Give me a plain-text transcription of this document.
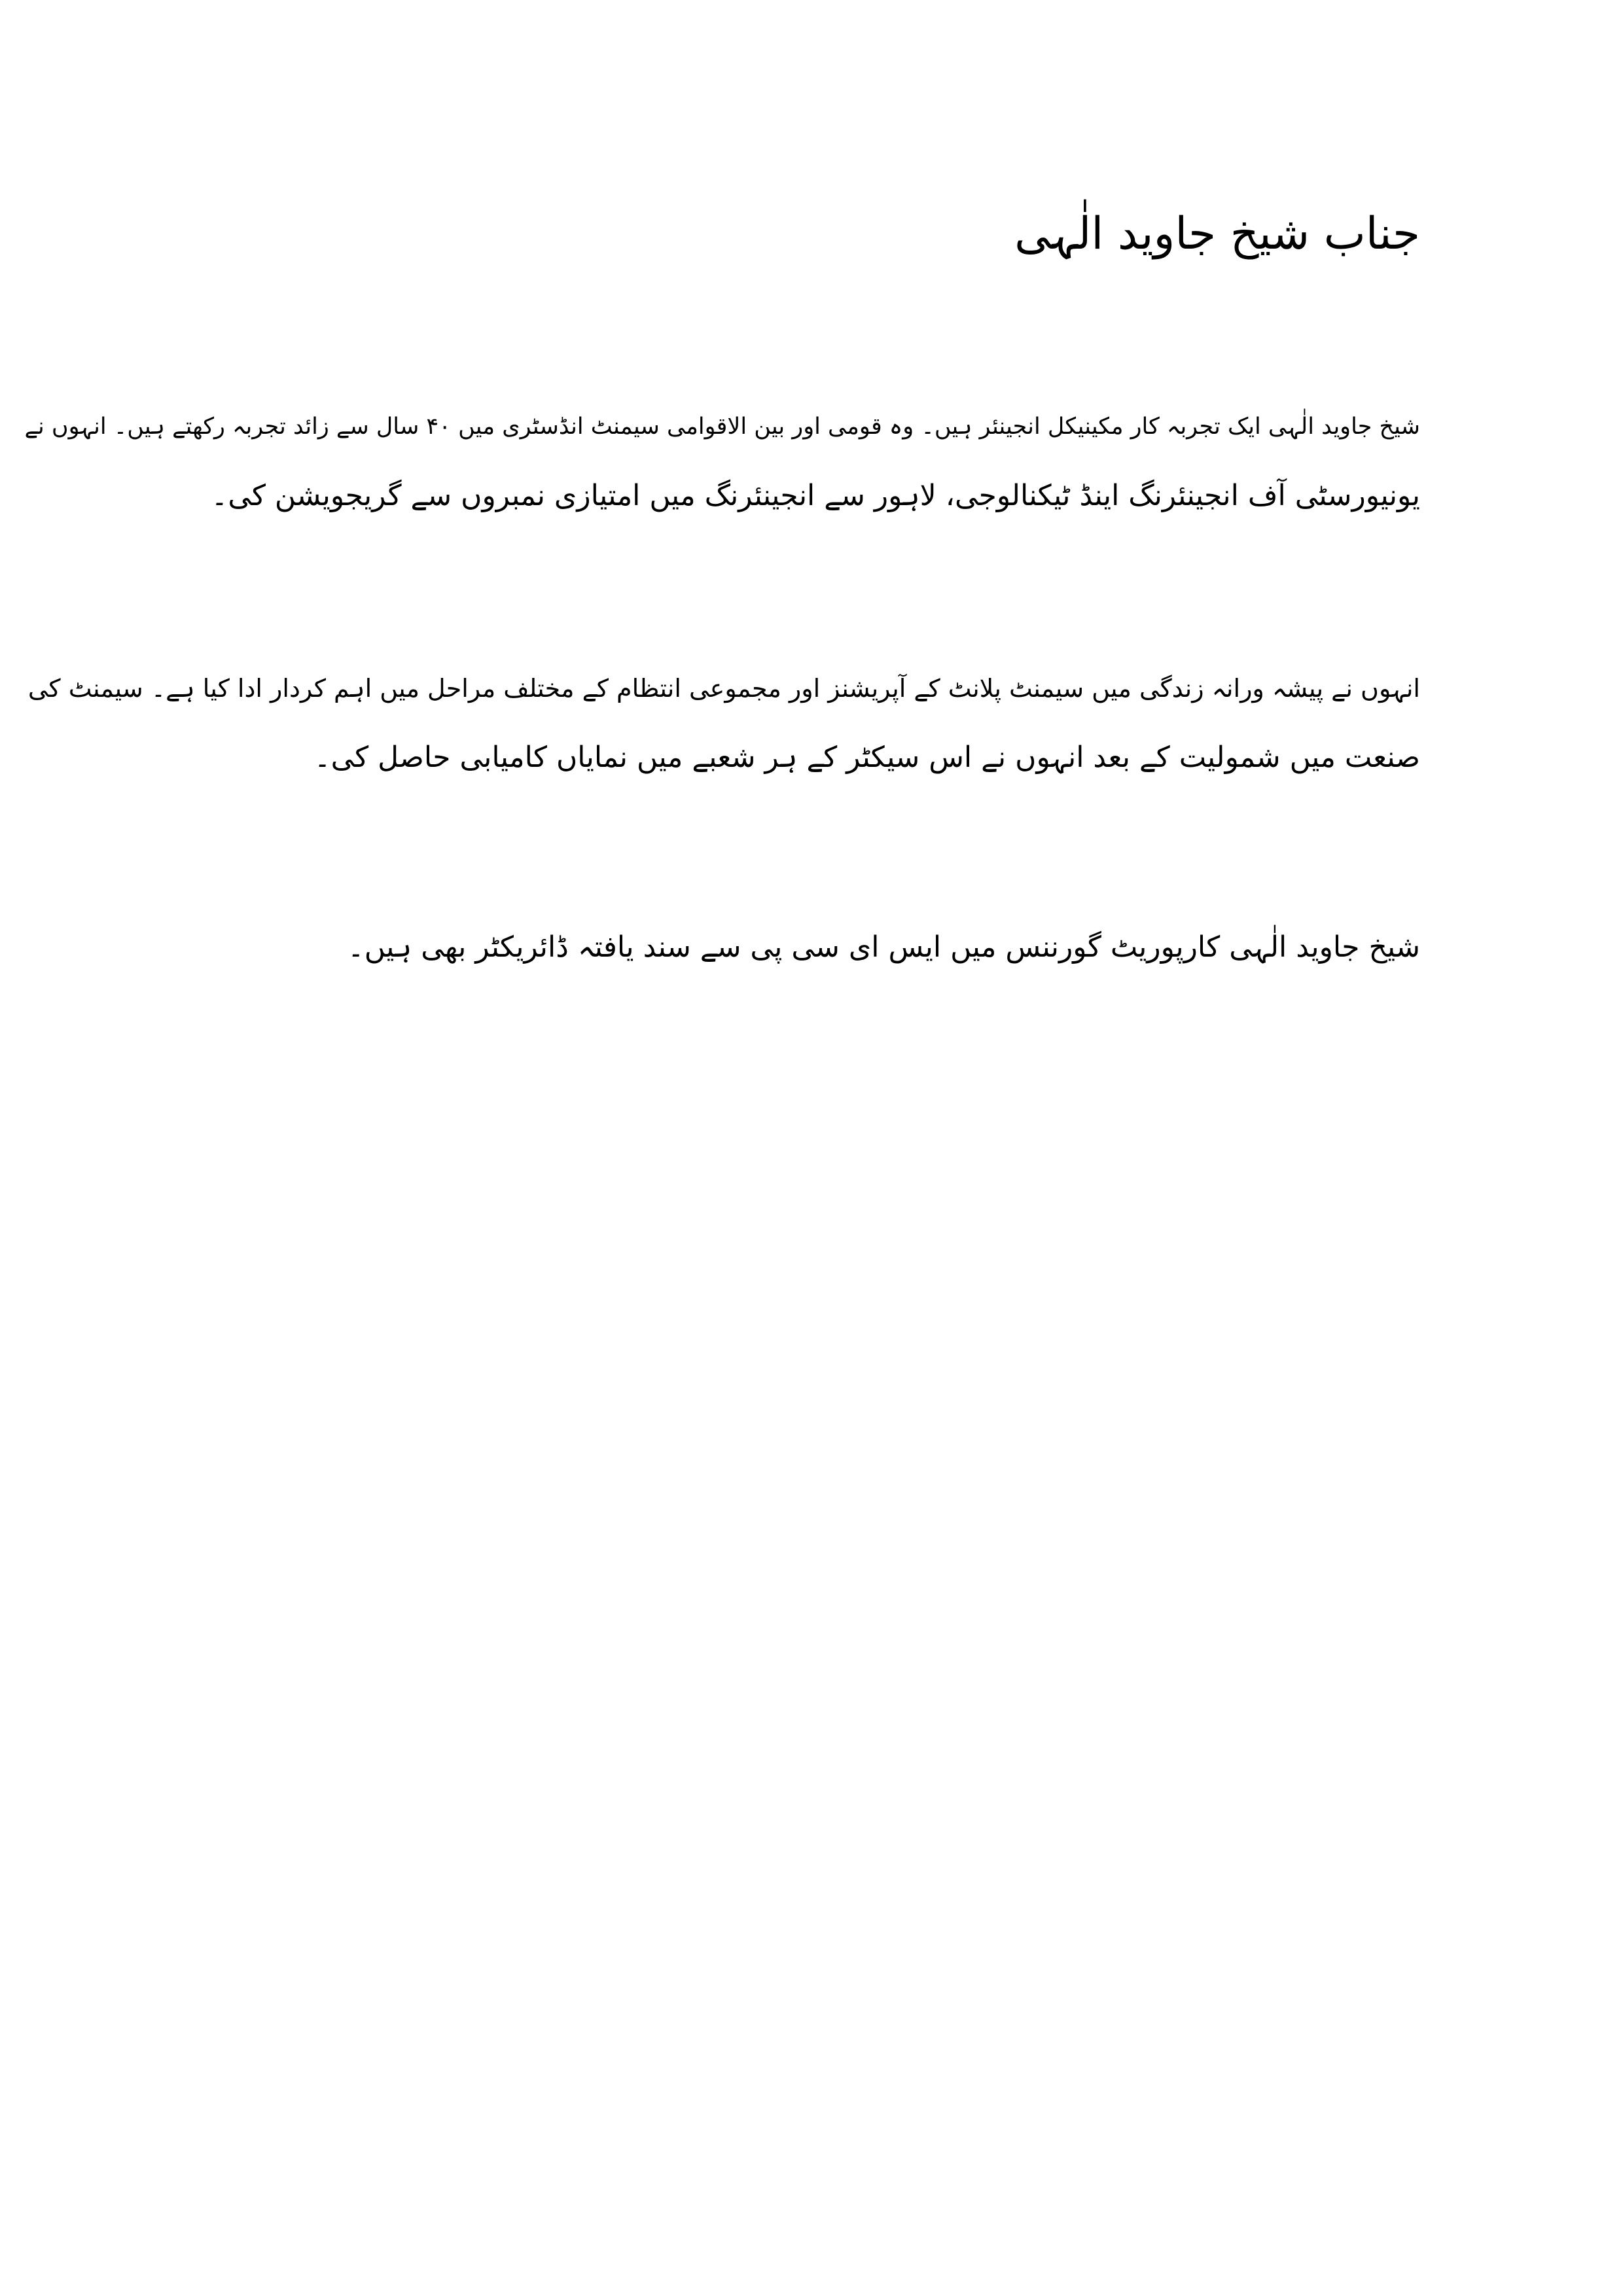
جناب شیخ جاوید الٰہی

شیخ جاوید الٰہی ایک تجربہ کار مکینیکل انجینئر ہیں۔ وہ قومی اور بین الاقوامی سیمنٹ انڈسٹری میں ۴۰ سال سے زائد تجربہ رکھتے ہیں۔ انہوں نے
یونیورسٹی آف انجینئرنگ اینڈ ٹیکنالوجی، لاہور سے انجینئرنگ میں امتیازی نمبروں سے گریجویشن کی۔

انہوں نے پیشہ ورانہ زندگی میں سیمنٹ پلانٹ کے آپریشنز اور مجموعی انتظام کے مختلف مراحل میں اہم کردار ادا کیا ہے۔ سیمنٹ کی
صنعت میں شمولیت کے بعد انہوں نے اس سیکٹر کے ہر شعبے میں نمایاں کامیابی حاصل کی۔

شیخ جاوید الٰہی کارپوریٹ گورننس میں ایس ای سی پی سے سند یافتہ ڈائریکٹر بھی ہیں۔
